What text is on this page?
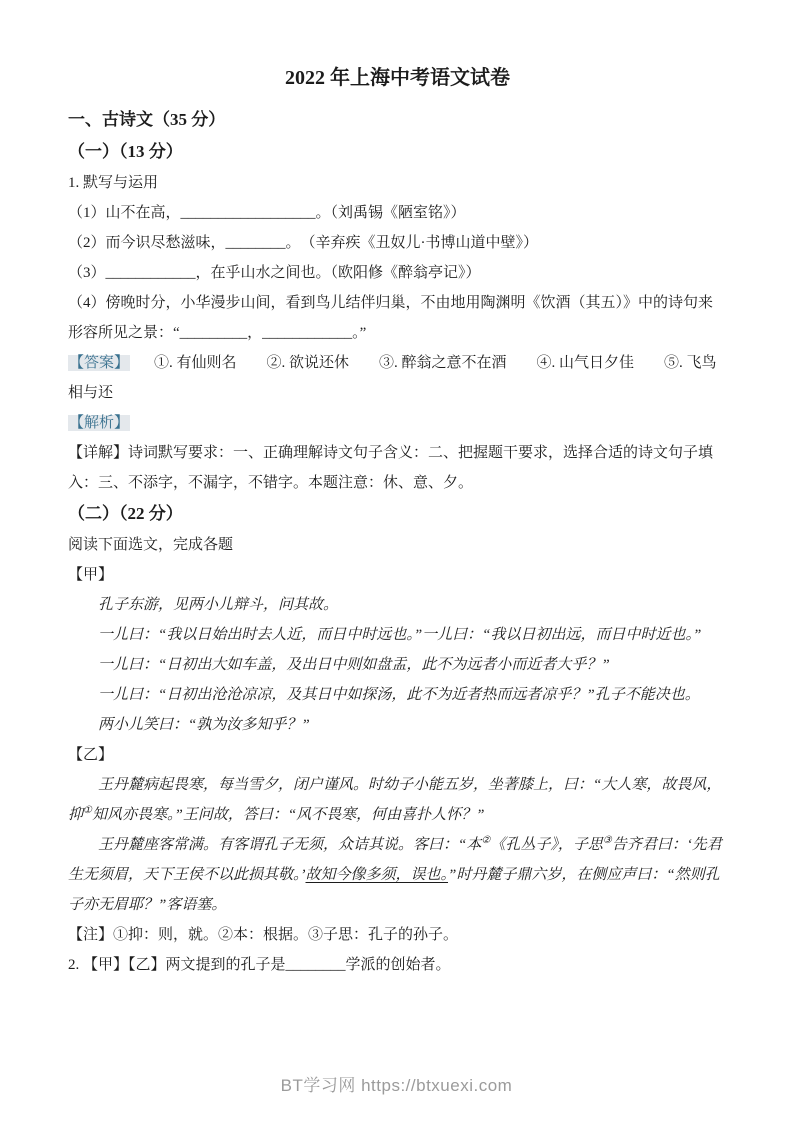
2022 年上海中考语文试卷
一、古诗文（35 分）
（一）（13 分）

1. 默写与运用

（1）山不在高，__________________。（刘禹锡《陋室铭》）

（2）而今识尽愁滋味，________。　（辛弃疾《丑奴儿·书博山道中壁》）

（3）____________，在乎山水之间也。（欧阳修《醉翁亭记》）

（4）傍晚时分，小华漫步山间，看到鸟儿结伴归巢，不由地用陶渊明《饮酒（其五）》中的诗句来形容所见之景：“_________，____________。”

【答案】 ①. 有仙则名　　②. 欲说还休　　③. 醉翁之意不在酒　　④. 山气日夕佳　　⑤. 飞鸟相与还

【解析】

【详解】诗词默写要求：一、正确理解诗文句子含义：二、把握题干要求，选择合适的诗文句子填入：三、不添字，不漏字，不错字。本题注意：休、意、夕。

（二）（22 分）

阅读下面选文，完成各题

【甲】

孔子东游，见两小儿辩斗，问其故。

一儿曰：“我以日始出时去人近，而日中时远也。”一儿曰：“我以日初出远，而日中时近也。”

一儿曰：“日初出大如车盖，及出日中则如盘盂，此不为远者小而近者大乎？”

一儿曰：“日初出沧沧凉凉，及其日中如探汤，此不为近者热而远者凉乎？”孔子不能决也。

两小儿笑曰：“孰为汝多知乎？”

【乙】

王丹麓病起畏寒，每当雪夕，闭户谨风。时幼子小能五岁，坐著膝上，曰：“大人寒，故畏风，抑①知风亦畏寒。”王问故，答曰：“风不畏寒，何由喜扑人怀？”

王丹麓座客常满。有客谓孔子无须，众诘其说。客曰：“本②《孔丛子》，子思③告齐君曰：‘先君生无须眉，天下王侯不以此损其敬。’故知今像多须，误也。”时丹麓子鼎六岁，在侧应声曰：“然则孔子亦无眉耶？”客语塞。

【注】①抑：则，就。②本：根据。③子思：孔子的孙子。

2. 【甲】【乙】两文提到的孔子是________学派的创始者。

BT学习网 https://btxuexi.com
